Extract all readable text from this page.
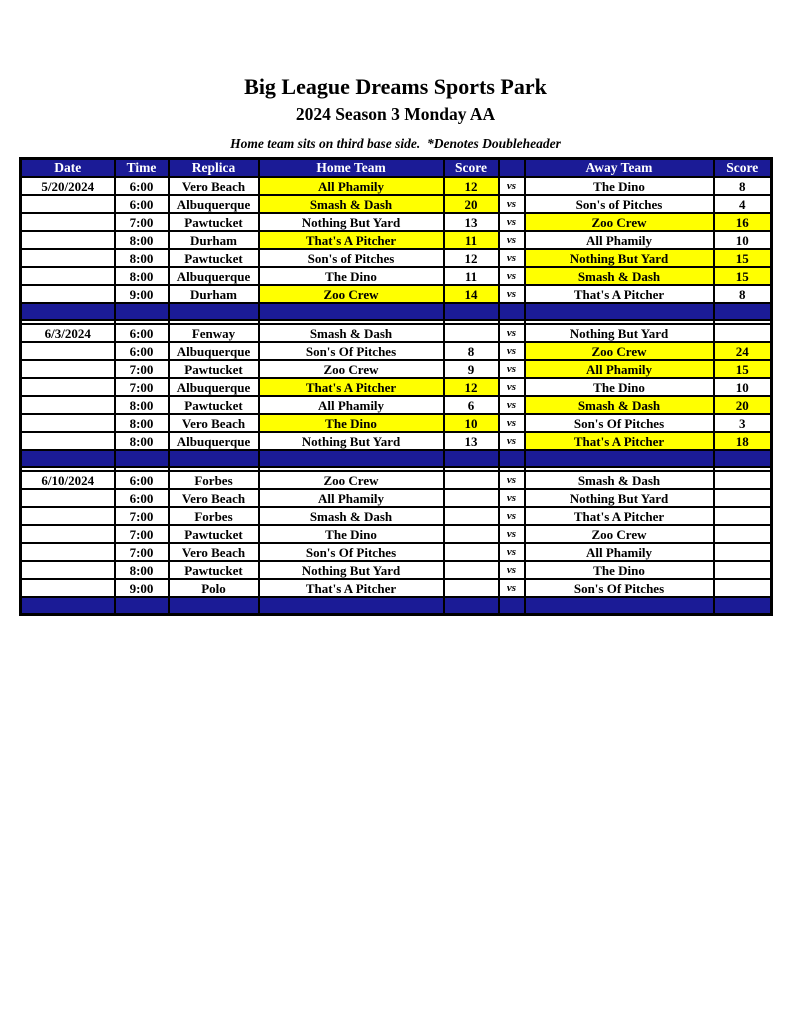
Big League Dreams Sports Park
2024 Season 3 Monday AA
Home team sits on third base side.  *Denotes Doubleheader
Date	Time	Replica	Home Team	Score		Away Team	Score
5/20/2024	6:00	Vero Beach	All Phamily	12	vs	The Dino	8
	6:00	Albuquerque	Smash & Dash	20	vs	Son's of Pitches	4
	7:00	Pawtucket	Nothing But Yard	13	vs	Zoo Crew	16
	8:00	Durham	That's A Pitcher	11	vs	All Phamily	10
	8:00	Pawtucket	Son's of Pitches	12	vs	Nothing But Yard	15
	8:00	Albuquerque	The Dino	11	vs	Smash & Dash	15
	9:00	Durham	Zoo Crew	14	vs	That's A Pitcher	8

6/3/2024	6:00	Fenway	Smash & Dash		vs	Nothing But Yard	
	6:00	Albuquerque	Son's Of Pitches	8	vs	Zoo Crew	24
	7:00	Pawtucket	Zoo Crew	9	vs	All Phamily	15
	7:00	Albuquerque	That's A Pitcher	12	vs	The Dino	10
	8:00	Pawtucket	All Phamily	6	vs	Smash & Dash	20
	8:00	Vero Beach	The Dino	10	vs	Son's Of Pitches	3
	8:00	Albuquerque	Nothing But Yard	13	vs	That's A Pitcher	18

6/10/2024	6:00	Forbes	Zoo Crew		vs	Smash & Dash	
	6:00	Vero Beach	All Phamily		vs	Nothing But Yard	
	7:00	Forbes	Smash & Dash		vs	That's A Pitcher	
	7:00	Pawtucket	The Dino		vs	Zoo Crew	
	7:00	Vero Beach	Son's Of Pitches		vs	All Phamily	
	8:00	Pawtucket	Nothing But Yard		vs	The Dino	
	9:00	Polo	That's A Pitcher		vs	Son's Of Pitches	
